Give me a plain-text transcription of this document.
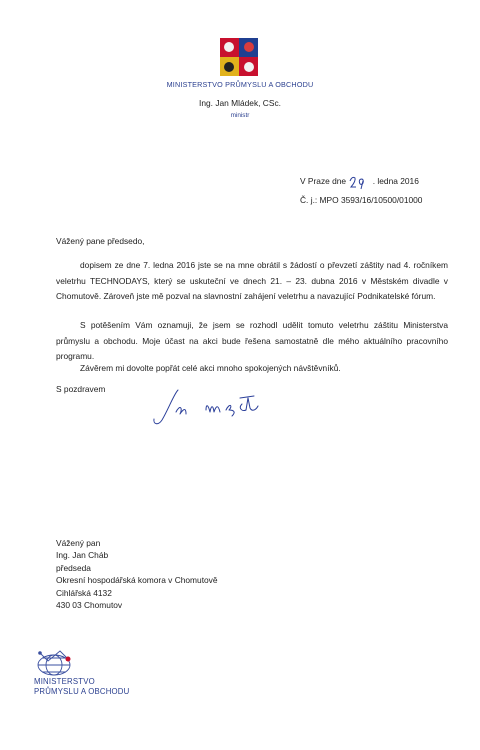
MINISTERSTVO PRŮMYSLU A OBCHODU
Ing. Jan Mládek, CSc.
ministr
V Praze dne	. ledna 2016
Č. j.: MPO 3593/16/10500/01000
Vážený pane předsedo,
dopisem ze dne 7. ledna 2016 jste se na mne obrátil s žádostí o převzetí záštity nad 4. ročníkem veletrhu TECHNODAYS, který se uskuteční ve dnech 21. – 23. dubna 2016 v Městském divadle v Chomutově. Zároveň jste mě pozval na slavnostní zahájení veletrhu a navazující Podnikatelské fórum.
S potěšením Vám oznamuji, že jsem se rozhodl udělit tomuto veletrhu záštitu Ministerstva průmyslu a obchodu. Moje účast na akci bude řešena samostatně dle mého aktuálního pracovního programu.
Závěrem mi dovolte popřát celé akci mnoho spokojených návštěvníků.
S pozdravem
Vážený pan
Ing. Jan Cháb
předseda
Okresní hospodářská komora v Chomutově
Cihlářská 4132
430 03 Chomutov
MINISTERSTVO
PRŮMYSLU A OBCHODU
